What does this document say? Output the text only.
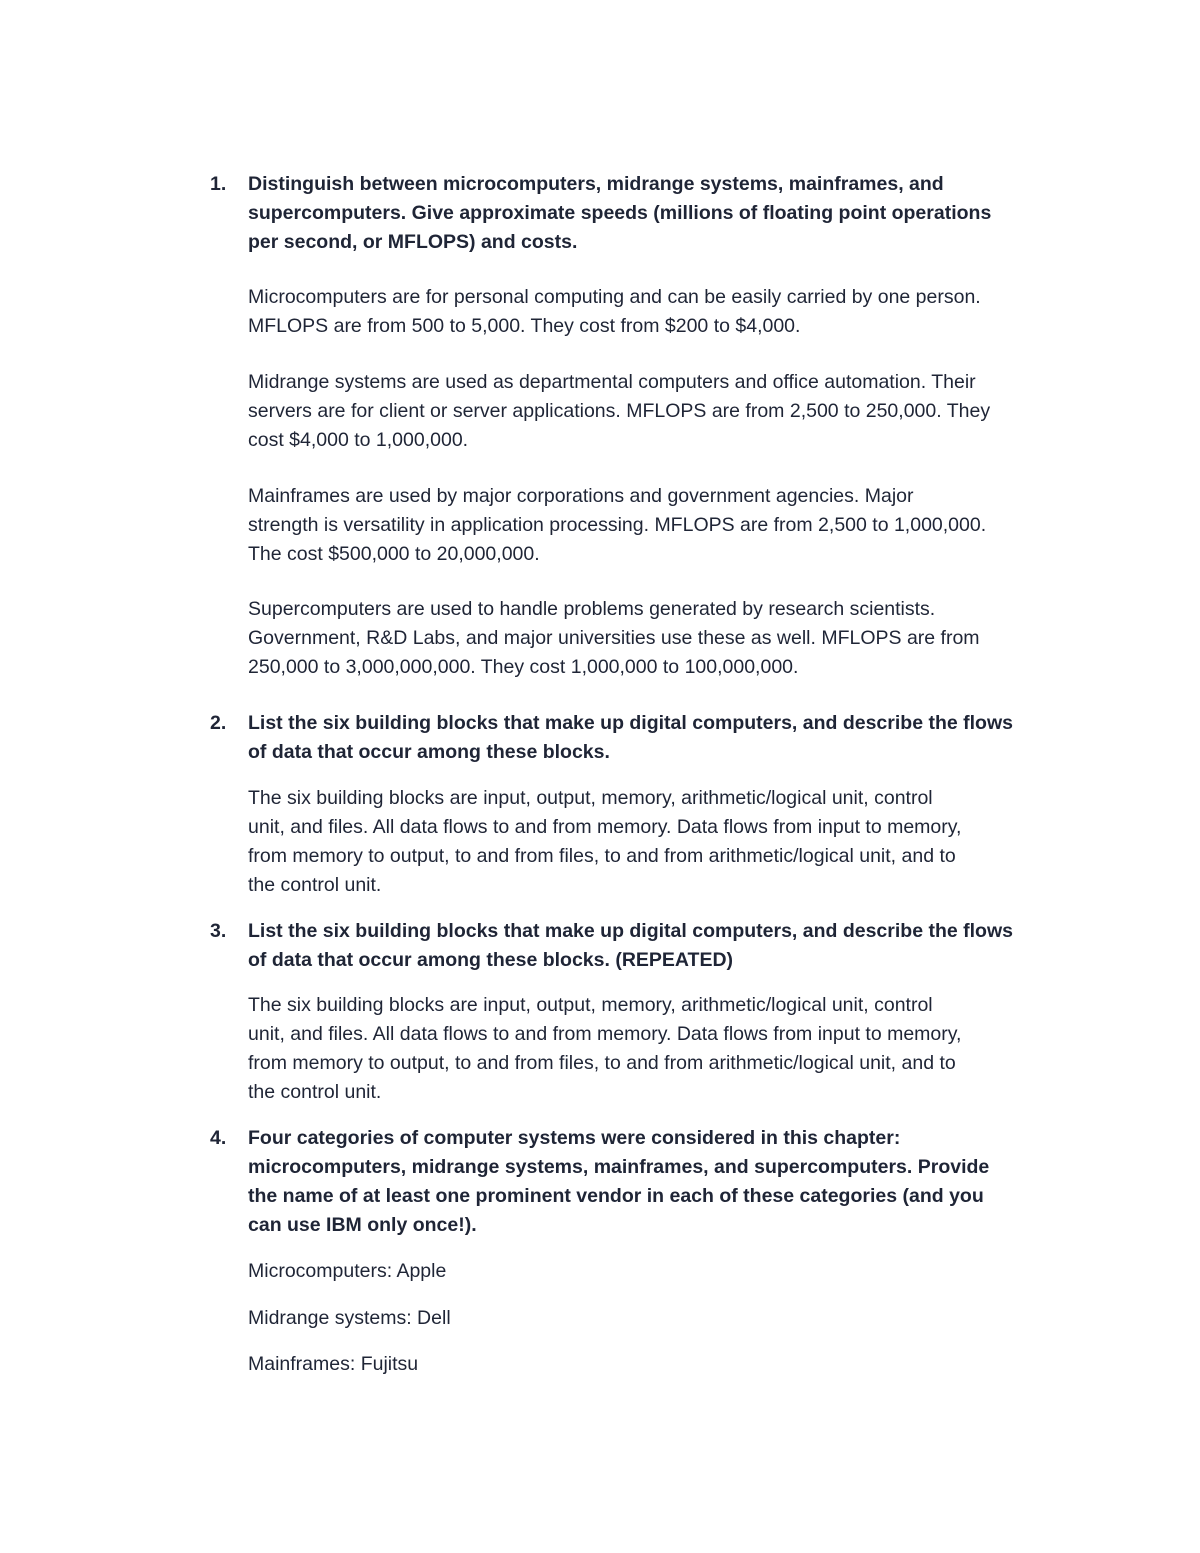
1. Distinguish between microcomputers, midrange systems, mainframes, and
supercomputers. Give approximate speeds (millions of floating point operations
per second, or MFLOPS) and costs.

Microcomputers are for personal computing and can be easily carried by one person.
MFLOPS are from 500 to 5,000. They cost from $200 to $4,000.

Midrange systems are used as departmental computers and office automation. Their
servers are for client or server applications. MFLOPS are from 2,500 to 250,000. They
cost $4,000 to 1,000,000.

Mainframes are used by major corporations and government agencies. Major
strength is versatility in application processing. MFLOPS are from 2,500 to 1,000,000.
The cost $500,000 to 20,000,000.

Supercomputers are used to handle problems generated by research scientists.
Government, R&D Labs, and major universities use these as well. MFLOPS are from
250,000 to 3,000,000,000. They cost 1,000,000 to 100,000,000.

2. List the six building blocks that make up digital computers, and describe the flows
of data that occur among these blocks.

The six building blocks are input, output, memory, arithmetic/logical unit, control
unit, and files. All data flows to and from memory. Data flows from input to memory,
from memory to output, to and from files, to and from arithmetic/logical unit, and to
the control unit.

3. List the six building blocks that make up digital computers, and describe the flows
of data that occur among these blocks. (REPEATED)

The six building blocks are input, output, memory, arithmetic/logical unit, control
unit, and files. All data flows to and from memory. Data flows from input to memory,
from memory to output, to and from files, to and from arithmetic/logical unit, and to
the control unit.

4. Four categories of computer systems were considered in this chapter:
microcomputers, midrange systems, mainframes, and supercomputers. Provide
the name of at least one prominent vendor in each of these categories (and you
can use IBM only once!).

Microcomputers: Apple

Midrange systems: Dell

Mainframes: Fujitsu
